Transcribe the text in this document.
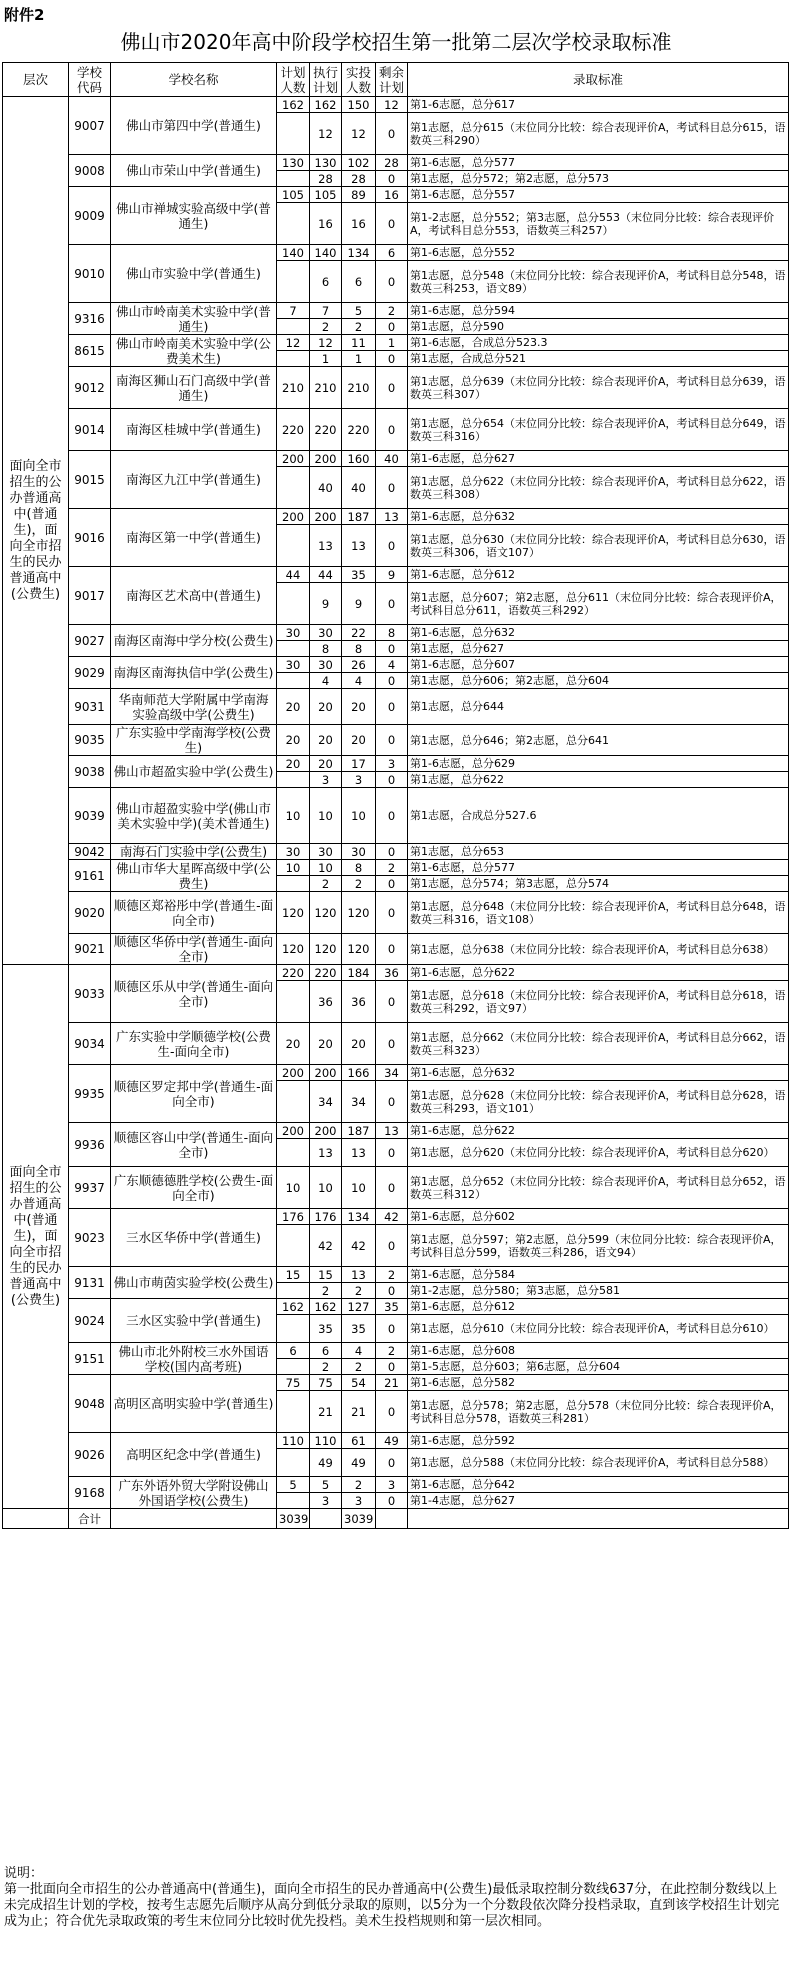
附件2
佛山市2020年高中阶段学校招生第一批第二层次学校录取标准
层次	学校代码	学校名称	计划人数	执行计划	实投人数	剩余计划	录取标准
面向全市招生的公办普通高中(普通生)，面向全市招生的民办普通高中(公费生)	9007	佛山市第四中学(普通生)	162	162	150	12	第1-6志愿，总分617
				12	12	0	第1志愿，总分615（末位同分比较：综合表现评价A，考试科目总分615，语数英三科290）
	9008	佛山市荣山中学(普通生)	130	130	102	28	第1-6志愿，总分577
				28	28	0	第1志愿，总分572；第2志愿，总分573
	9009	佛山市禅城实验高级中学(普通生)	105	105	89	16	第1-6志愿，总分557
				16	16	0	第1-2志愿，总分552；第3志愿，总分553（末位同分比较：综合表现评价A，考试科目总分553，语数英三科257）
	9010	佛山市实验中学(普通生)	140	140	134	6	第1-6志愿，总分552
				6	6	0	第1志愿，总分548（末位同分比较：综合表现评价A，考试科目总分548，语数英三科253，语文89）
	9316	佛山市岭南美术实验中学(普通生)	7	7	5	2	第1-6志愿，总分594
				2	2	0	第1志愿，总分590
	8615	佛山市岭南美术实验中学(公费美术生)	12	12	11	1	第1-6志愿，合成总分523.3
				1	1	0	第1志愿，合成总分521
	9012	南海区狮山石门高级中学(普通生)	210	210	210	0	第1志愿，总分639（末位同分比较：综合表现评价A，考试科目总分639，语数英三科307）
	9014	南海区桂城中学(普通生)	220	220	220	0	第1志愿，总分654（末位同分比较：综合表现评价A，考试科目总分649，语数英三科316）
	9015	南海区九江中学(普通生)	200	200	160	40	第1-6志愿，总分627
				40	40	0	第1志愿，总分622（末位同分比较：综合表现评价A，考试科目总分622，语数英三科308）
	9016	南海区第一中学(普通生)	200	200	187	13	第1-6志愿，总分632
				13	13	0	第1志愿，总分630（末位同分比较：综合表现评价A，考试科目总分630，语数英三科306，语文107）
	9017	南海区艺术高中(普通生)	44	44	35	9	第1-6志愿，总分612
				9	9	0	第1志愿，总分607；第2志愿，总分611（末位同分比较：综合表现评价A，考试科目总分611，语数英三科292）
	9027	南海区南海中学分校(公费生)	30	30	22	8	第1-6志愿，总分632
				8	8	0	第1志愿，总分627
	9029	南海区南海执信中学(公费生)	30	30	26	4	第1-6志愿，总分607
				4	4	0	第1志愿，总分606；第2志愿，总分604
	9031	华南师范大学附属中学南海实验高级中学(公费生)	20	20	20	0	第1志愿，总分644
	9035	广东实验中学南海学校(公费生)	20	20	20	0	第1志愿，总分646；第2志愿，总分641
	9038	佛山市超盈实验中学(公费生)	20	20	17	3	第1-6志愿，总分629
				3	3	0	第1志愿，总分622
	9039	佛山市超盈实验中学(佛山市美术实验中学)(美术普通生)	10	10	10	0	第1志愿，合成总分527.6
	9042	南海石门实验中学(公费生)	30	30	30	0	第1志愿，总分653
	9161	佛山市华大星晖高级中学(公费生)	10	10	8	2	第1-6志愿，总分577
				2	2	0	第1志愿，总分574；第3志愿，总分574
	9020	顺德区郑裕彤中学(普通生-面向全市)	120	120	120	0	第1志愿，总分648（末位同分比较：综合表现评价A，考试科目总分648，语数英三科316，语文108）
	9021	顺德区华侨中学(普通生-面向全市)	120	120	120	0	第1志愿，总分638（末位同分比较：综合表现评价A，考试科目总分638）
面向全市招生的公办普通高中(普通生)，面向全市招生的民办普通高中(公费生)	9033	顺德区乐从中学(普通生-面向全市)	220	220	184	36	第1-6志愿，总分622
				36	36	0	第1志愿，总分618（末位同分比较：综合表现评价A，考试科目总分618，语数英三科292，语文97）
	9034	广东实验中学顺德学校(公费生-面向全市)	20	20	20	0	第1志愿，总分662（末位同分比较：综合表现评价A，考试科目总分662，语数英三科323）
	9935	顺德区罗定邦中学(普通生-面向全市)	200	200	166	34	第1-6志愿，总分632
				34	34	0	第1志愿，总分628（末位同分比较：综合表现评价A，考试科目总分628，语数英三科293，语文101）
	9936	顺德区容山中学(普通生-面向全市)	200	200	187	13	第1-6志愿，总分622
				13	13	0	第1志愿，总分620（末位同分比较：综合表现评价A，考试科目总分620）
	9937	广东顺德德胜学校(公费生-面向全市)	10	10	10	0	第1志愿，总分652（末位同分比较：综合表现评价A，考试科目总分652，语数英三科312）
	9023	三水区华侨中学(普通生)	176	176	134	42	第1-6志愿，总分602
				42	42	0	第1志愿，总分597；第2志愿，总分599（末位同分比较：综合表现评价A，考试科目总分599，语数英三科286，语文94）
	9131	佛山市萌茵实验学校(公费生)	15	15	13	2	第1-6志愿，总分584
				2	2	0	第1-2志愿，总分580；第3志愿，总分581
	9024	三水区实验中学(普通生)	162	162	127	35	第1-6志愿，总分612
				35	35	0	第1志愿，总分610（末位同分比较：综合表现评价A，考试科目总分610）
	9151	佛山市北外附校三水外国语学校(国内高考班)	6	6	4	2	第1-6志愿，总分608
				2	2	0	第1-5志愿，总分603；第6志愿，总分604
	9048	高明区高明实验中学(普通生)	75	75	54	21	第1-6志愿，总分582
				21	21	0	第1志愿，总分578；第2志愿，总分578（末位同分比较：综合表现评价A，考试科目总分578，语数英三科281）
	9026	高明区纪念中学(普通生)	110	110	61	49	第1-6志愿，总分592
				49	49	0	第1志愿，总分588（末位同分比较：综合表现评价A，考试科目总分588）
	9168	广东外语外贸大学附设佛山外国语学校(公费生)	5	5	2	3	第1-6志愿，总分642
				3	3	0	第1-4志愿，总分627
	合计		3039		3039		

说明：

第一批面向全市招生的公办普通高中(普通生)，面向全市招生的民办普通高中(公费生)最低录取控制分数线637分，在此控制分数线以上未完成招生计划的学校，按考生志愿先后顺序从高分到低分录取的原则，以5分为一个分数段依次降分投档录取，直到该学校招生计划完成为止；符合优先录取政策的考生末位同分比较时优先投档。美术生投档规则和第一层次相同。
